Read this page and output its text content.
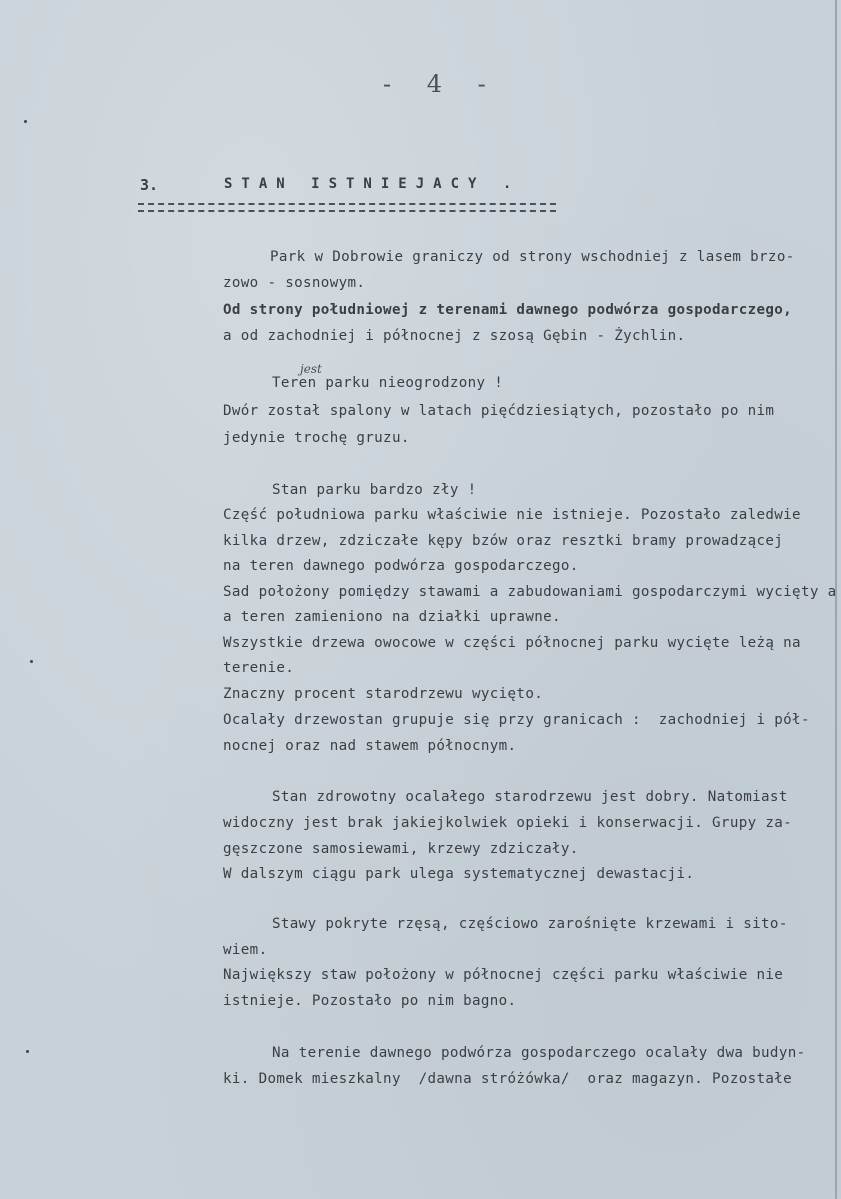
- 4 -
3.	STAN ISTNIEJACY .
jest
Park w Dobrowie graniczy od strony wschodniej z lasem brzo-
zowo - sosnowym.
Od strony południowej z terenami dawnego podwórza gospodarczego,
a od zachodniej i północnej z szosą Gębin - Żychlin.
Teren parku nieogrodzony !
Dwór został spalony w latach pięćdziesiątych, pozostało po nim
jedynie trochę gruzu.
Stan parku bardzo zły !
Część południowa parku właściwie nie istnieje. Pozostało zaledwie
kilka drzew, zdziczałe kępy bzów oraz resztki bramy prowadzącej
na teren dawnego podwórza gospodarczego.
Sad położony pomiędzy stawami a zabudowaniami gospodarczymi wycięty a
a teren zamieniono na działki uprawne.
Wszystkie drzewa owocowe w części północnej parku wycięte leżą na
terenie.
Znaczny procent starodrzewu wycięto.
Ocalały drzewostan grupuje się przy granicach :  zachodniej i pół-
nocnej oraz nad stawem północnym.
Stan zdrowotny ocalałego starodrzewu jest dobry. Natomiast
widoczny jest brak jakiejkolwiek opieki i konserwacji. Grupy za-
gęszczone samosiewami, krzewy zdziczały.
W dalszym ciągu park ulega systematycznej dewastacji.
Stawy pokryte rzęsą, częściowo zarośnięte krzewami i sito-
wiem.
Największy staw położony w północnej części parku właściwie nie
istnieje. Pozostało po nim bagno.
Na terenie dawnego podwórza gospodarczego ocalały dwa budyn-
ki. Domek mieszkalny  /dawna stróżówka/  oraz magazyn. Pozostałe
